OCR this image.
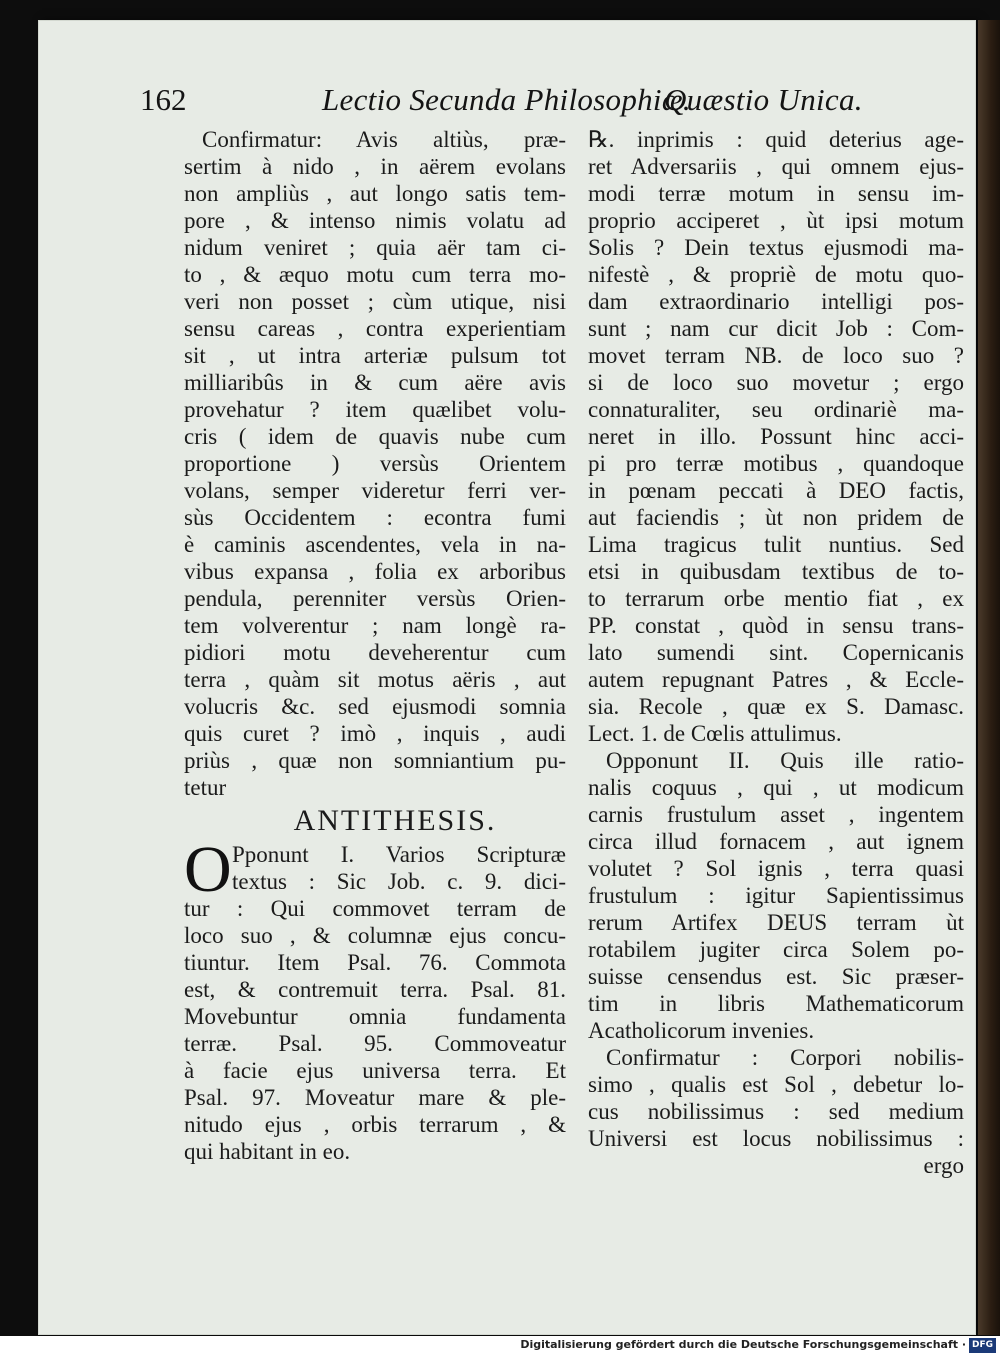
162	Lectio Secunda Philosophiæ.
Quæstio Unica.
Confirmatur: Avis altiùs, præ-
sertim à nido , in aërem evolans
non ampliùs , aut longo satis tem-
pore , & intenso nimis volatu ad
nidum veniret ; quia aër tam ci-
to , & æquo motu cum terra mo-
veri non posset ; cùm utique, nisi
sensu careas , contra experientiam
sit , ut intra arteriæ pulsum tot
milliaribûs in & cum aëre avis
provehatur ? item quælibet volu-
cris ( idem de quavis nube cum
proportione ) versùs Orientem
volans, semper videretur ferri ver-
sùs Occidentem : econtra fumi
è caminis ascendentes, vela in na-
vibus expansa , folia ex arboribus
pendula, perenniter versùs Orien-
tem volverentur ; nam longè ra-
pidiori motu deveherentur cum
terra , quàm sit motus aëris , aut
volucris &c. sed ejusmodi somnia
quis curet ? imò , inquis , audi
priùs , quæ non somniantium pu-
tetur
ANTITHESIS.
O Pponunt I. Varios Scripturæ
textus : Sic Job. c. 9. dici-
tur : Qui commovet terram de
loco suo , & columnæ ejus concu-
tiuntur. Item Psal. 76. Commota
est, & contremuit terra. Psal. 81.
Movebuntur omnia fundamenta
terræ. Psal. 95. Commoveatur
à facie ejus universa terra. Et
Psal. 97. Moveatur mare & ple-
nitudo ejus , orbis terrarum , &
qui habitant in eo.
℞. inprimis : quid deterius age-
ret Adversariis , qui omnem ejus-
modi terræ motum in sensu im-
proprio acciperet , ùt ipsi motum
Solis ? Dein textus ejusmodi ma-
nifestè , & propriè de motu quo-
dam extraordinario intelligi pos-
sunt ; nam cur dicit Job : Com-
movet terram NB. de loco suo ?
si de loco suo movetur ; ergo
connaturaliter, seu ordinariè ma-
neret in illo. Possunt hinc acci-
pi pro terræ motibus , quandoque
in pœnam peccati à DEO factis,
aut faciendis ; ùt non pridem de
Lima tragicus tulit nuntius. Sed
etsi in quibusdam textibus de to-
to terrarum orbe mentio fiat , ex
PP. constat , quòd in sensu trans-
lato sumendi sint. Copernicanis
autem repugnant Patres , & Eccle-
sia. Recole , quæ ex S. Damasc.
Lect. 1. de Cœlis attulimus.
Opponunt II. Quis ille ratio-
nalis coquus , qui , ut modicum
carnis frustulum asset , ingentem
circa illud fornacem , aut ignem
volutet ? Sol ignis , terra quasi
frustulum : igitur Sapientissimus
rerum Artifex DEUS terram ùt
rotabilem jugiter circa Solem po-
suisse censendus est. Sic præser-
tim in libris Mathematicorum
Acatholicorum invenies.
Confirmatur : Corpori nobilis-
simo , qualis est Sol , debetur lo-
cus nobilissimus : sed medium
Universi est locus nobilissimus :
ergo
Digitalisierung gefördert durch die Deutsche Forschungsgemeinschaft · DFG
